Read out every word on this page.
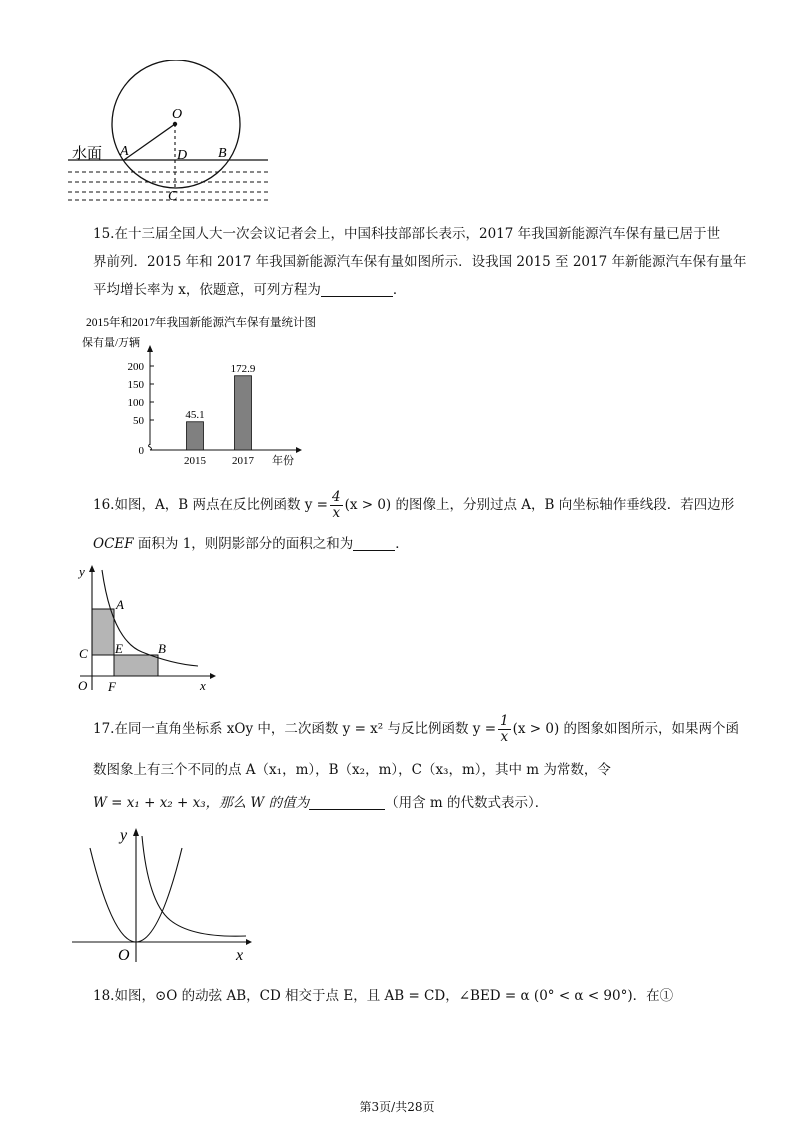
水面
O
A	D B
C
15.在十三届全国人大一次会议记者会上，中国科技部部长表示，2017 年我国新能源汽车保有量已居于世
界前列．2015 年和 2017 年我国新能源汽车保有量如图所示．设我国 2015 至 2017 年新能源汽车保有量年
平均增长率为 x，依题意，可列方程为	．
2015年和2017年我国新能源汽车保有量统计图
保有量/万辆
年份
0
50
100
150
200
45.1
2015
172.9
2017
16.如图，A，B 两点在反比例函数 $y = \frac{4}{x} (x > 0)$ 的图像上，分别过点 A，B 向坐标轴作垂线段．若四边形
OCEF 面积为 1，则阴影部分的面积之和为	．
y
x
A
B
C E
O F
17.在同一直角坐标系 xOy 中，二次函数 y = x² 与反比例函数 $y = \frac{1}{x} (x > 0)$ 的图象如图所示，如果两个函
数图象上有三个不同的点 A（x₁，m），B（x₂，m），C（x₃，m），其中 m 为常数，令
W = x₁ + x₂ + x₃，那么 W 的值为	（用含 m 的代数式表示）．
y
x
O
18.如图，⊙O 的动弦 AB，CD 相交于点 E，且 AB = CD，∠BED = α (0° < α < 90°)．在①
第3页/共28页
